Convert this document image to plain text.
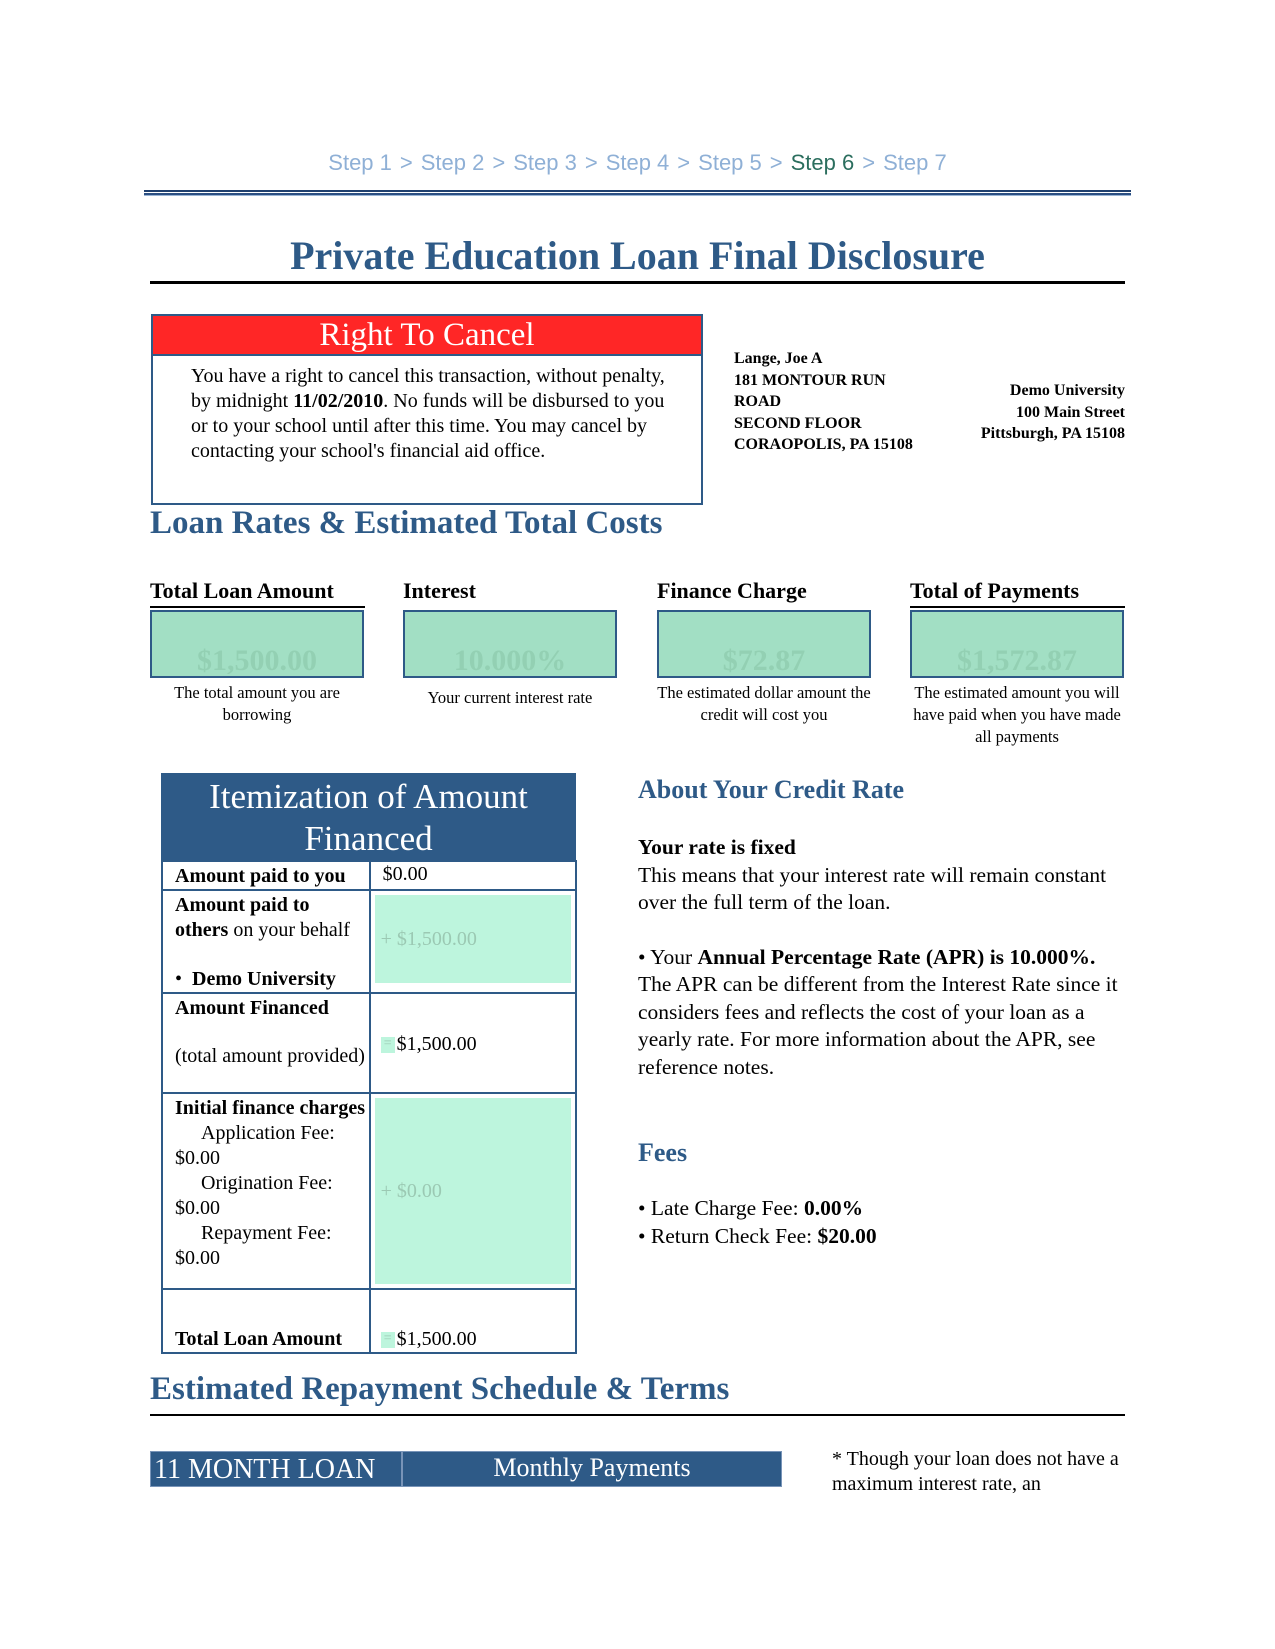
Step 1 > Step 2 > Step 3 > Step 4 > Step 5 > Step 6 > Step 7
Private Education Loan Final Disclosure
Right To Cancel
You have a right to cancel this transaction, without penalty, by midnight 11/02/2010. No funds will be disbursed to you or to your school until after this time. You may cancel by contacting your school's financial aid office.
Lange, Joe A
181 MONTOUR RUN ROAD
SECOND FLOOR
CORAOPOLIS, PA 15108
Demo University
100 Main Street
Pittsburgh, PA 15108
Loan Rates & Estimated Total Costs
Total Loan Amount
$1,500.00
The total amount you are borrowing
Interest
10.000%
Your current interest rate
Finance Charge
$72.87
The estimated dollar amount the credit will cost you
Total of Payments
$1,572.87
The estimated amount you will have paid when you have made all payments
Itemization of Amount Financed
Amount paid to you	$0.00
Amount paid to others on your behalf
•  Demo University	+ $1,500.00

Amount Financed
(total amount provided)	= $1,500.00
Initial finance charges
Application Fee: $0.00
Origination Fee: $0.00
Repayment Fee: $0.00	+ $0.00

Total Loan Amount	= $1,500.00
About Your Credit Rate
Your rate is fixed
This means that your interest rate will remain constant over the full term of the loan.
• Your Annual Percentage Rate (APR) is 10.000%.
The APR can be different from the Interest Rate since it considers fees and reflects the cost of your loan as a yearly rate. For more information about the APR, see reference notes.
Fees
• Late Charge Fee: 0.00%
• Return Check Fee: $20.00
Estimated Repayment Schedule & Terms
11 MONTH LOAN	Monthly Payments	* Though your loan does not have a maximum interest rate, an
